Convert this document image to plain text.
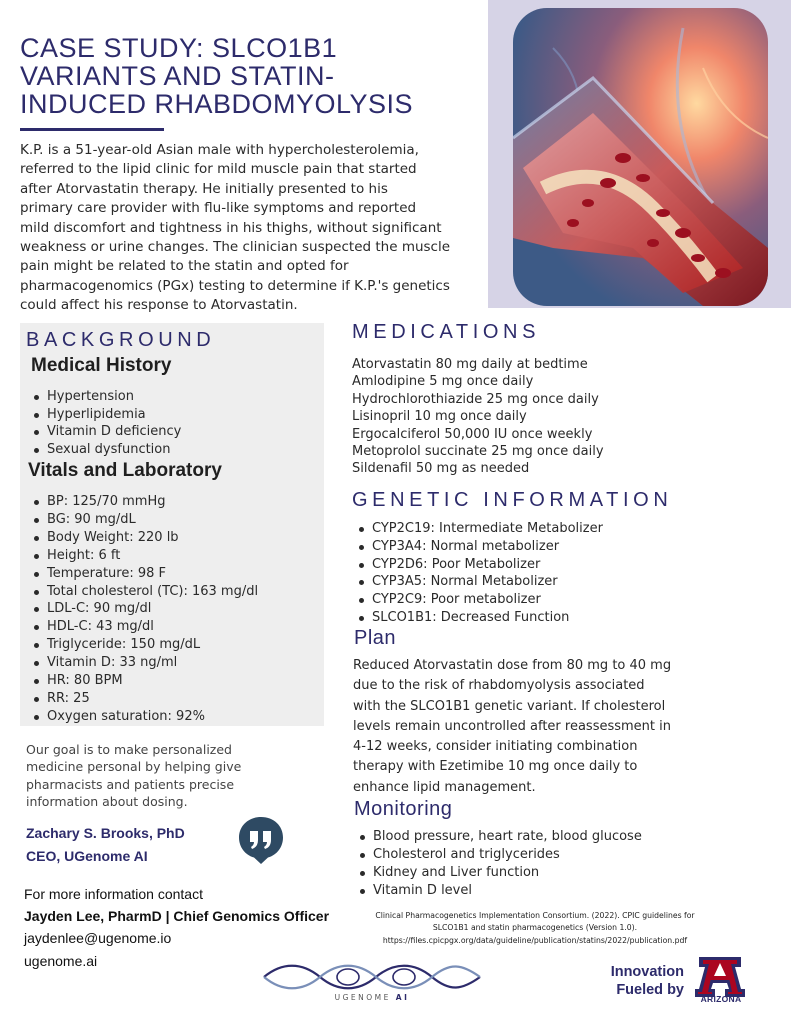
CASE STUDY: SLCO1B1
VARIANTS AND STATIN-
INDUCED RHABDOMYOLYSIS
K.P. is a 51-year-old Asian male with hypercholesterolemia,
referred to the lipid clinic for mild muscle pain that started
after Atorvastatin therapy. He initially presented to his
primary care provider with flu-like symptoms and reported
mild discomfort and tightness in his thighs, without significant
weakness or urine changes. The clinician suspected the muscle
pain might be related to the statin and opted for
pharmacogenomics (PGx) testing to determine if K.P.'s genetics
could affect his response to Atorvastatin.
BACKGROUND
Medical History
Hypertension
Hyperlipidemia
Vitamin D deficiency
Sexual dysfunction
Vitals and Laboratory
BP: 125/70 mmHg
BG: 90 mg/dL
Body Weight: 220 lb
Height: 6 ft
Temperature: 98 F
Total cholesterol (TC): 163 mg/dl
LDL-C: 90 mg/dl
HDL-C: 43 mg/dl
Triglyceride: 150 mg/dL
Vitamin D: 33 ng/ml
HR: 80 BPM
RR: 25
Oxygen saturation: 92%
Our goal is to make personalized
medicine personal by helping give
pharmacists and patients precise
information about dosing.
Zachary S. Brooks, PhD
CEO, UGenome AI
For more information contact
Jayden Lee, PharmD | Chief Genomics Officer
jaydenlee@ugenome.io
ugenome.ai
MEDICATIONS
Atorvastatin 80 mg daily at bedtime
Amlodipine 5 mg once daily
Hydrochlorothiazide 25 mg once daily
Lisinopril 10 mg once daily
Ergocalciferol 50,000 IU once weekly
Metoprolol succinate 25 mg once daily
Sildenafil 50 mg as needed
GENETIC INFORMATION
CYP2C19: Intermediate Metabolizer
CYP3A4: Normal metabolizer
CYP2D6: Poor Metabolizer
CYP3A5: Normal Metabolizer
CYP2C9: Poor metabolizer
SLCO1B1: Decreased Function
Plan
Reduced Atorvastatin dose from 80 mg to 40 mg
due to the risk of rhabdomyolysis associated
with the SLCO1B1 genetic variant. If cholesterol
levels remain uncontrolled after reassessment in
4-12 weeks, consider initiating combination
therapy with Ezetimibe 10 mg once daily to
enhance lipid management.
Monitoring
Blood pressure, heart rate, blood glucose
Cholesterol and triglycerides
Kidney and Liver function
Vitamin D level
Clinical Pharmacogenetics Implementation Consortium. (2022). CPIC guidelines for
SLCO1B1 and statin pharmacogenetics (Version 1.0).
https://files.cpicpgx.org/data/guideline/publication/statins/2022/publication.pdf
UGENOME AI
Innovation
Fueled by
ARIZONA
